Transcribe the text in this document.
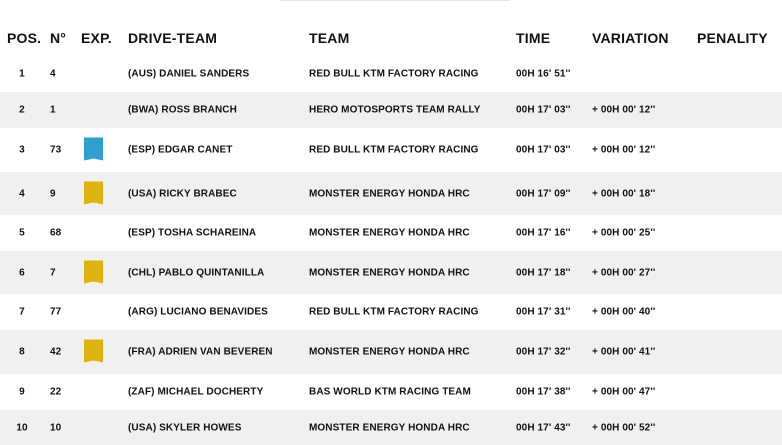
POS. N° EXP. DRIVE-TEAM	TEAM	TIME	VARIATION PENALITY
1	4	(AUS) DANIEL SANDERS	RED BULL KTM FACTORY RACING	00H 16' 51''
2	1	(BWA) ROSS BRANCH	HERO MOTOSPORTS TEAM RALLY	00H 17' 03'' + 00H 00' 12''
3	73	(ESP) EDGAR CANET	RED BULL KTM FACTORY RACING	00H 17' 03'' + 00H 00' 12''
4	9	(USA) RICKY BRABEC	MONSTER ENERGY HONDA HRC	00H 17' 09'' + 00H 00' 18''
5	68	(ESP) TOSHA SCHAREINA	MONSTER ENERGY HONDA HRC	00H 17' 16'' + 00H 00' 25''
6	7	(CHL) PABLO QUINTANILLA	MONSTER ENERGY HONDA HRC	00H 17' 18'' + 00H 00' 27''
7	77	(ARG) LUCIANO BENAVIDES	RED BULL KTM FACTORY RACING	00H 17' 31'' + 00H 00' 40''
8	42	(FRA) ADRIEN VAN BEVEREN	MONSTER ENERGY HONDA HRC	00H 17' 32'' + 00H 00' 41''
9	22	(ZAF) MICHAEL DOCHERTY	BAS WORLD KTM RACING TEAM	00H 17' 38'' + 00H 00' 47''
10	10	(USA) SKYLER HOWES	MONSTER ENERGY HONDA HRC	00H 17' 43'' + 00H 00' 52''
